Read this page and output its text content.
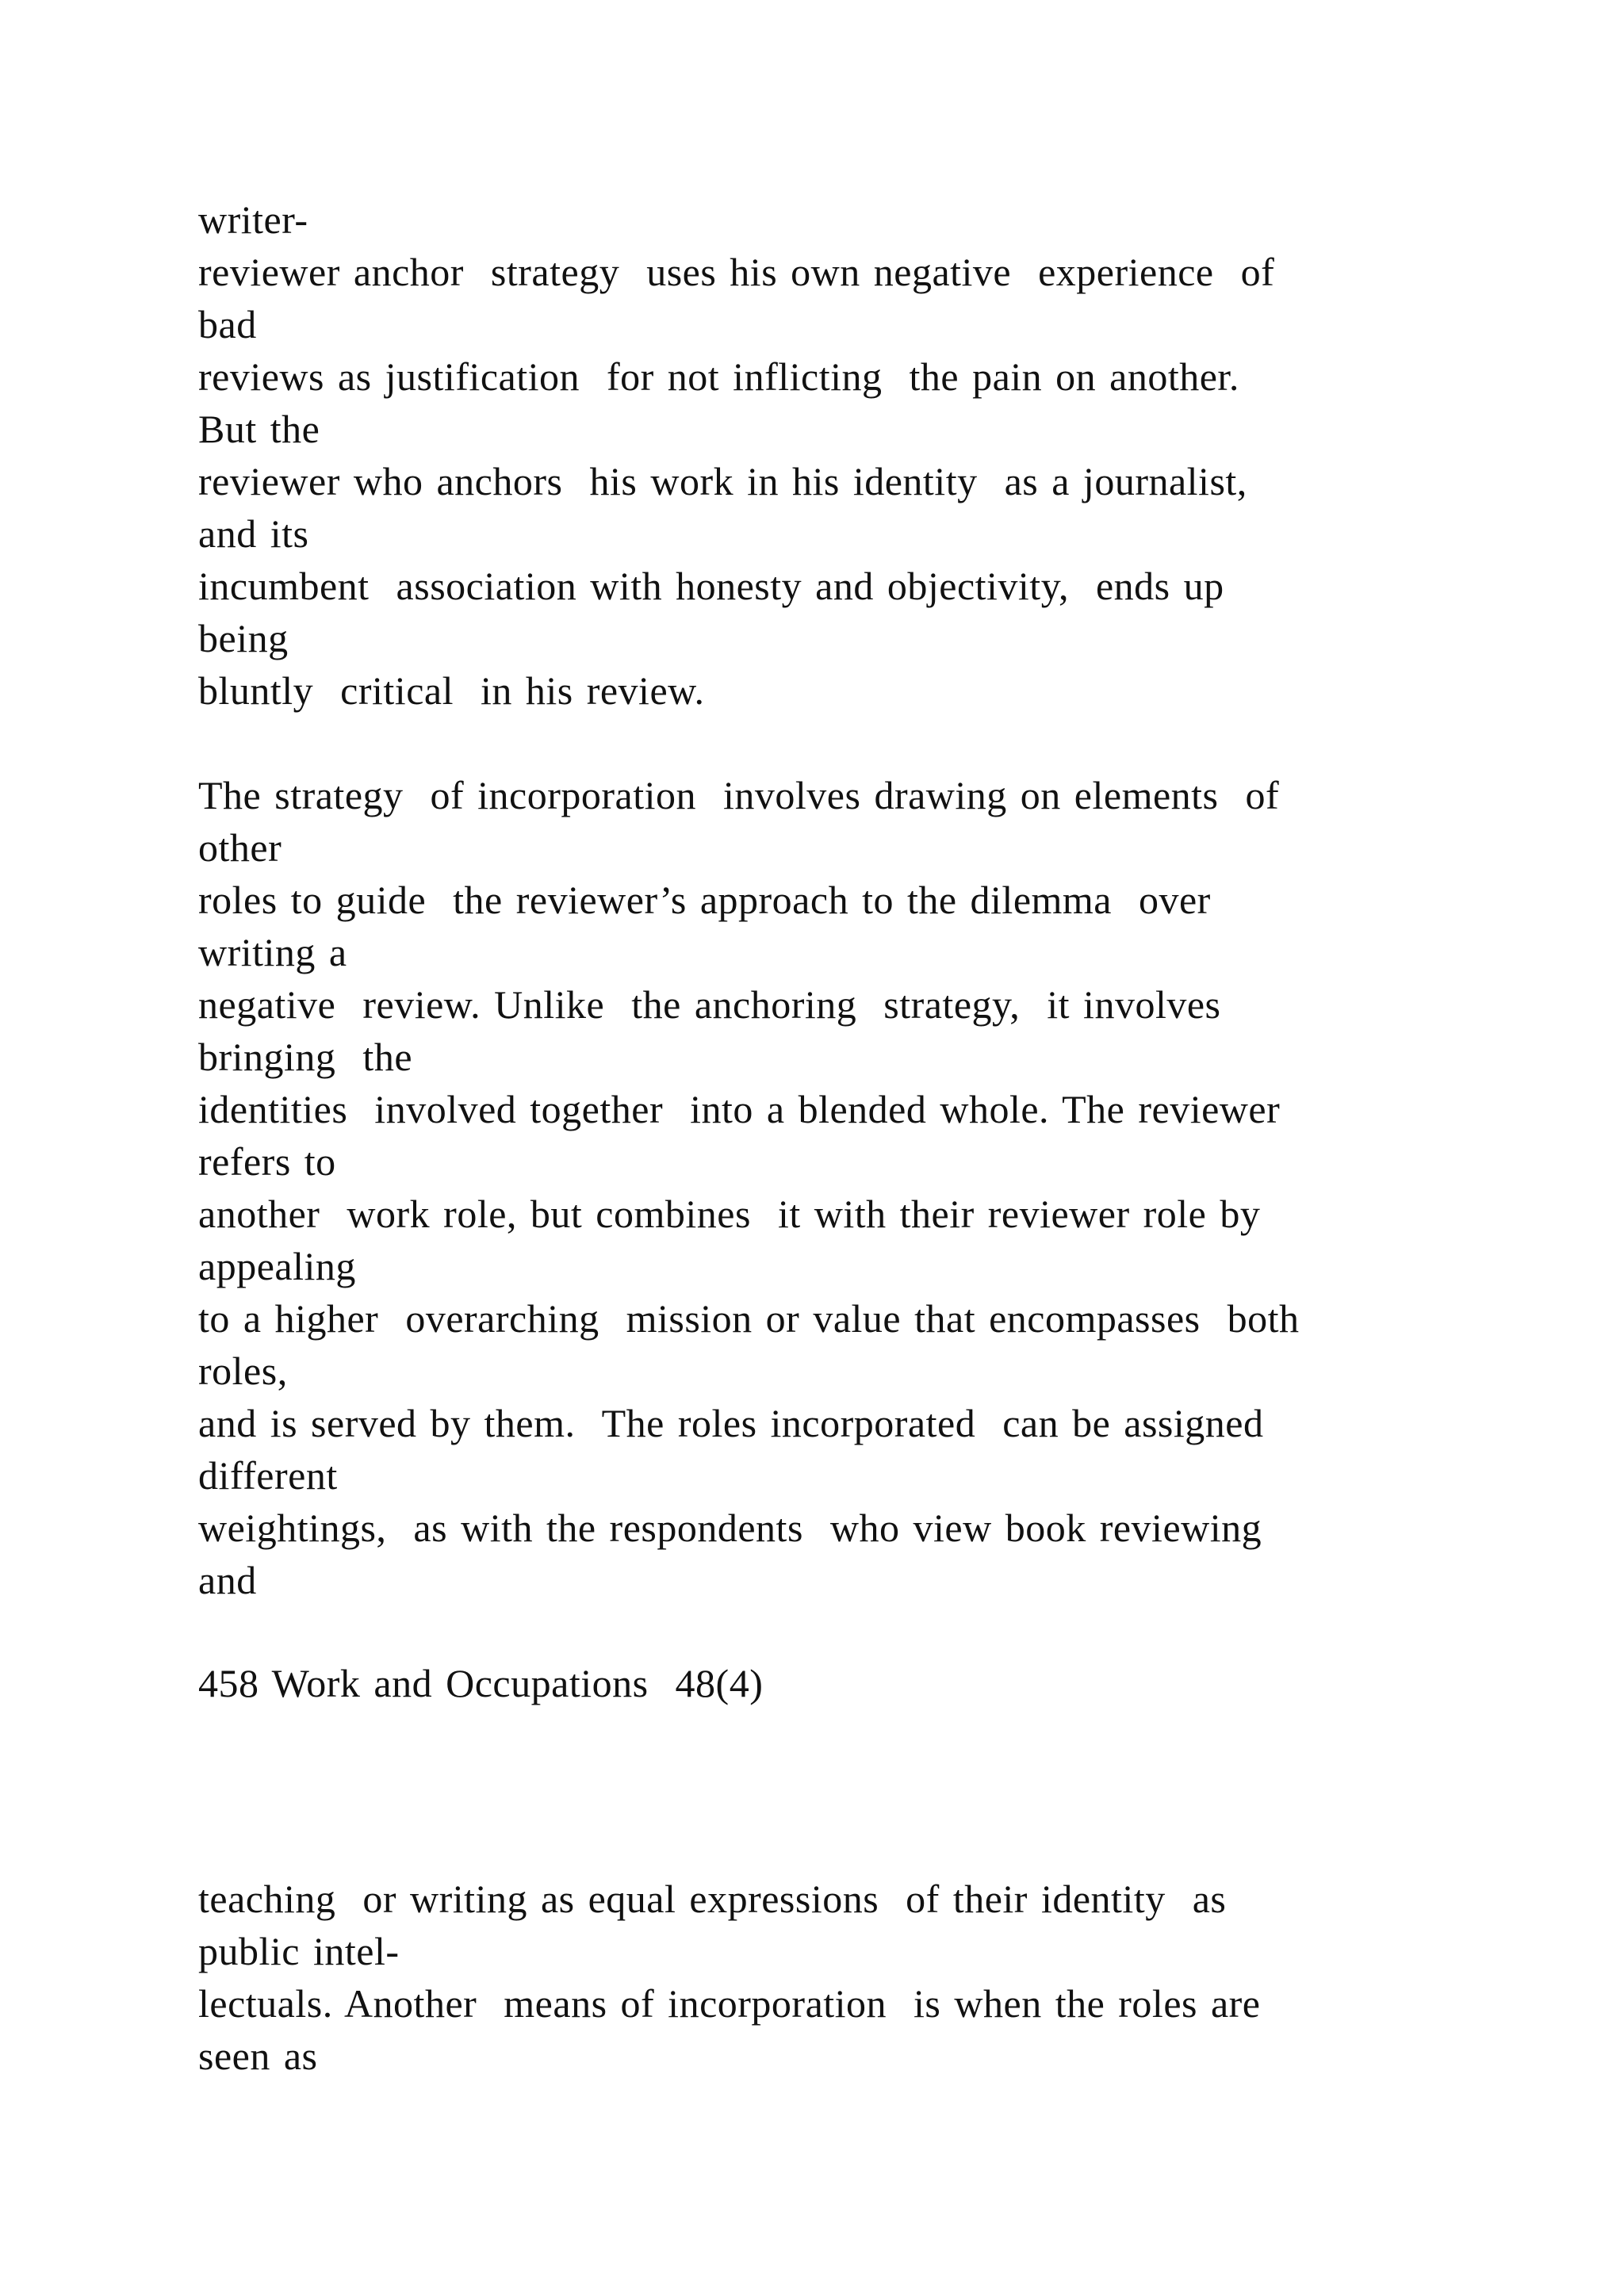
writer-
reviewer anchor  strategy  uses his own negative  experience  of
bad
reviews as justification  for not inflicting  the pain on another.
But the
reviewer who anchors  his work in his identity  as a journalist,
and its
incumbent  association with honesty and objectivity,  ends up
being
bluntly  critical  in his review.
The strategy  of incorporation  involves drawing on elements  of
other
roles to guide  the reviewer’s approach to the dilemma  over
writing a
negative  review. Unlike  the anchoring  strategy,  it involves
bringing  the
identities  involved together  into a blended whole. The reviewer
refers to
another  work role, but combines  it with their reviewer role by
appealing
to a higher  overarching  mission or value that encompasses  both
roles,
and is served by them.  The roles incorporated  can be assigned
different
weightings,  as with the respondents  who view book reviewing
and
458 Work and Occupations  48(4)
teaching  or writing as equal expressions  of their identity  as
public intel-
lectuals. Another  means of incorporation  is when the roles are
seen as
